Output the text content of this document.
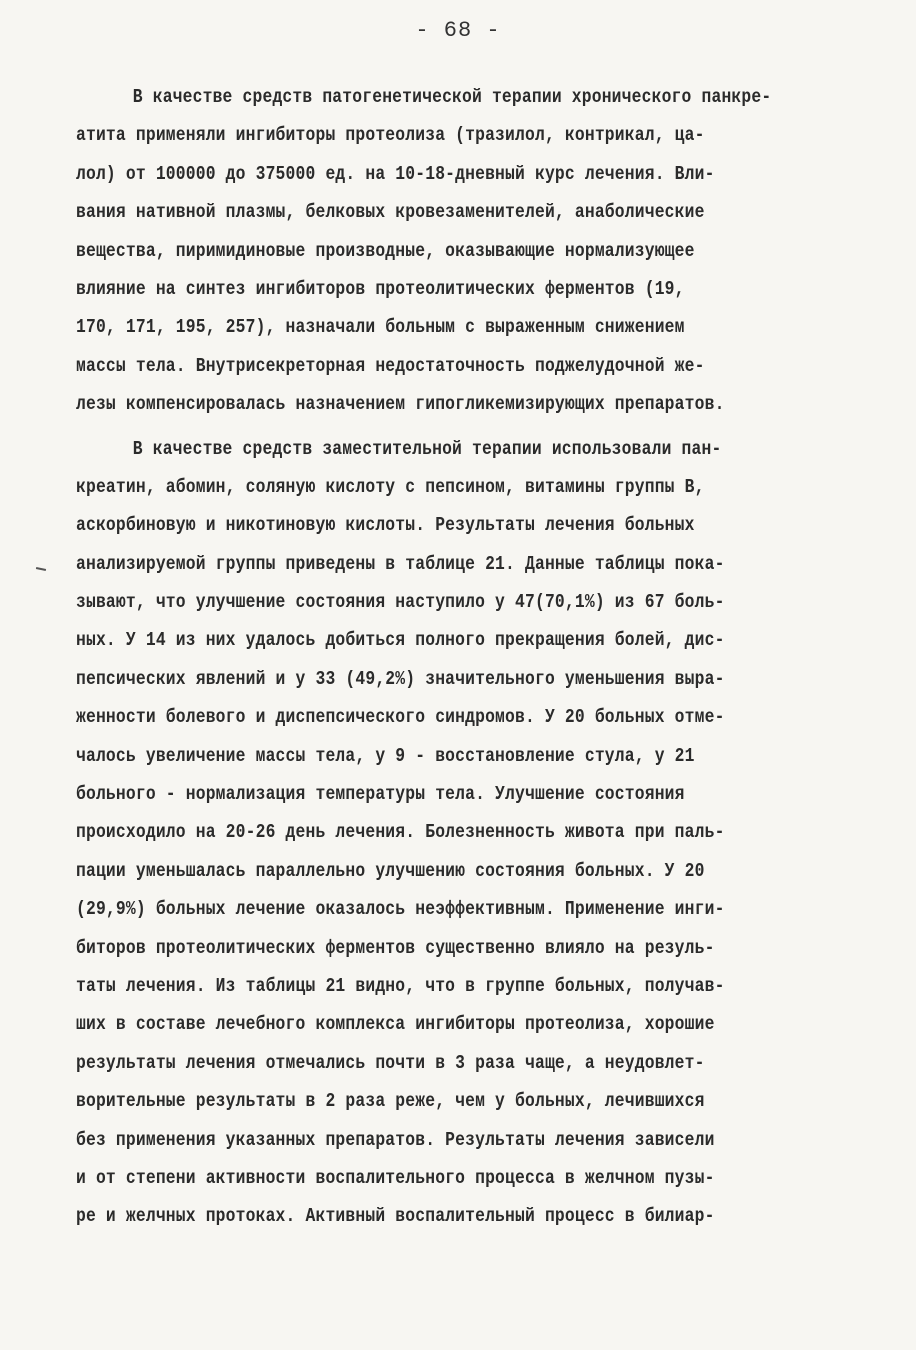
- 68 -
В качестве средств патогенетической терапии хронического панкре-
атита применяли ингибиторы протеолиза (тразилол, контрикал, ца-
лол) от 100000 до 375000 ед. на 10-18-дневный курс лечения. Вли-
вания нативной плазмы, белковых кровезаменителей, анаболические
вещества, пиримидиновые производные, оказывающие нормализующее
влияние на синтез ингибиторов протеолитических ферментов (19,
170, 171, 195, 257), назначали больным с выраженным снижением
массы тела. Внутрисекреторная недостаточность поджелудочной же-
лезы компенсировалась назначением гипогликемизирующих препаратов.
В качестве средств заместительной терапии использовали пан-
креатин, абомин, соляную кислоту с пепсином, витамины группы В,
аскорбиновую и никотиновую кислоты. Результаты лечения больных
анализируемой группы приведены в таблице 21. Данные таблицы пока-
зывают, что улучшение состояния наступило у 47(70,1%) из 67 боль-
ных. У 14 из них удалось добиться полного прекращения болей, дис-
пепсических явлений и у 33 (49,2%) значительного уменьшения выра-
женности болевого и диспепсического синдромов. У 20 больных отме-
чалось увеличение массы тела, у 9 - восстановление стула, у 21
больного - нормализация температуры тела. Улучшение состояния
происходило на 20-26 день лечения. Болезненность живота при паль-
пации уменьшалась параллельно улучшению состояния больных. У 20
(29,9%) больных лечение оказалось неэффективным. Применение инги-
биторов протеолитических ферментов существенно влияло на резуль-
таты лечения. Из таблицы 21 видно, что в группе больных, получав-
ших в составе лечебного комплекса ингибиторы протеолиза, хорошие
результаты лечения отмечались почти в 3 раза чаще, а неудовлет-
ворительные результаты в 2 раза реже, чем у больных, лечившихся
без применения указанных препаратов. Результаты лечения зависели
и от степени активности воспалительного процесса в желчном пузы-
ре и желчных протоках. Активный воспалительный процесс в билиар-
